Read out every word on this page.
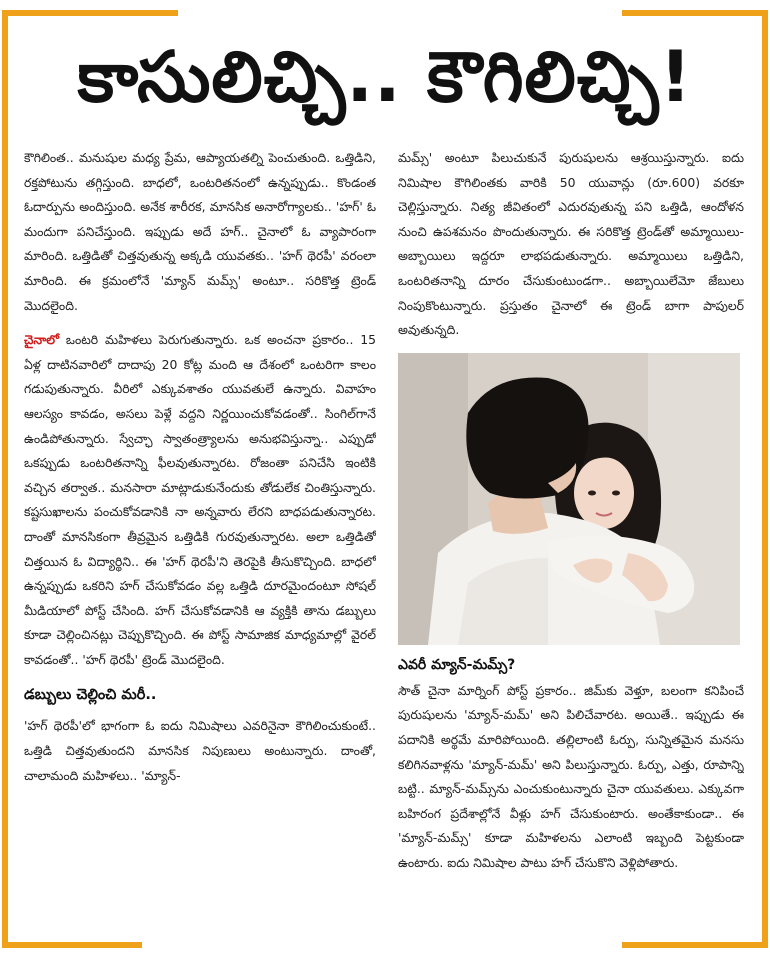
కాసులిచ్చి.. కౌగిలిచ్చి!

కౌగిలింత.. మనుషుల మధ్య ప్రేమ, ఆప్యాయతల్ని పెంచుతుంది. ఒత్తిడిని, రక్తపోటును తగ్గిస్తుంది. బాధలో, ఒంటరితనంలో ఉన్నప్పుడు.. కొండంత ఓదార్పును అందిస్తుంది. అనేక శారీరక, మానసిక అనారోగ్యాలకు.. 'హగ్' ఓ మందుగా పనిచేస్తుంది. ఇప్పుడు అదే హగ్.. చైనాలో ఓ వ్యాపారంగా మారింది. ఒత్తిడితో చిత్తవుతున్న అక్కడి యువతకు.. 'హగ్ థెరపీ' వరంలా మారింది. ఈ క్రమంలోనే 'మ్యాన్ మమ్స్' అంటూ.. సరికొత్త ట్రెండ్ మొదలైంది.

చైనాలో ఒంటరి మహిళలు పెరుగుతున్నారు. ఒక అంచనా ప్రకారం.. 15 ఏళ్ల దాటినవారిలో దాదాపు 20 కోట్ల మంది ఆ దేశంలో ఒంటరిగా కాలం గడుపుతున్నారు. వీరిలో ఎక్కువశాతం యువతులే ఉన్నారు. వివాహం ఆలస్యం కావడం, అసలు పెళ్లే వద్దని నిర్ణయించుకోవడంతో.. సింగిల్‌గానే ఉండిపోతున్నారు. స్వేచ్ఛా స్వాతంత్ర్యాలను అనుభవిస్తున్నా.. ఎప్పుడో ఒకప్పుడు ఒంటరితనాన్ని ఫీలవుతున్నారట. రోజంతా పనిచేసి ఇంటికి వచ్చిన తర్వాత.. మనసారా మాట్లాడుకునేందుకు తోడులేక చింతిస్తున్నారు. కష్టసుఖాలను పంచుకోవడానికి నా అన్నవారు లేరని బాధపడుతున్నారట. దాంతో మానసికంగా తీవ్రమైన ఒత్తిడికి గురవుతున్నారట. అలా ఒత్తిడితో చిత్తయిన ఓ విద్యార్థిని.. ఈ 'హగ్ థెరపీ'ని తెరపైకి తీసుకొచ్చింది. బాధలో ఉన్నప్పుడు ఒకరిని హగ్ చేసుకోవడం వల్ల ఒత్తిడి దూరమైందంటూ సోషల్ మీడియాలో పోస్ట్ చేసింది. హగ్ చేసుకోవడానికి ఆ వ్యక్తికి తాను డబ్బులు కూడా చెల్లించినట్లు చెప్పుకొచ్చింది. ఈ పోస్ట్ సామాజిక మాధ్యమాల్లో వైరల్ కావడంతో.. 'హగ్ థెరపీ' ట్రెండ్ మొదలైంది.

డబ్బులు చెల్లించి మరీ..

'హగ్ థెరపీ'లో భాగంగా ఓ ఐదు నిమిషాలు ఎవరినైనా కౌగిలించుకుంటే.. ఒత్తిడి చిత్తవుతుందని మానసిక నిపుణులు అంటున్నారు. దాంతో, చాలామంది మహిళలు.. 'మ్యాన్-

మమ్స్' అంటూ పిలుచుకునే పురుషులను ఆశ్రయిస్తున్నారు. ఐదు నిమిషాల కౌగిలింతకు వారికి 50 యువాన్లు (రూ.600) వరకూ చెల్లిస్తున్నారు. నిత్య జీవితంలో ఎదురవుతున్న పని ఒత్తిడి, ఆందోళన నుంచి ఉపశమనం పొందుతున్నారు. ఈ సరికొత్త ట్రెండ్‌తో అమ్మాయిలు-అబ్బాయిలు ఇద్దరూ లాభపడుతున్నారు. అమ్మాయిలు ఒత్తిడిని, ఒంటరితనాన్ని దూరం చేసుకుంటుండగా.. అబ్బాయిలేమో జేబులు నింపుకొంటున్నారు. ప్రస్తుతం చైనాలో ఈ ట్రెండ్ బాగా పాపులర్ అవుతున్నది.

ఎవరీ మ్యాన్-మమ్స్?

సౌత్ చైనా మార్నింగ్ పోస్ట్ ప్రకారం.. జిమ్‌కు వెళ్తూ, బలంగా కనిపించే పురుషులను 'మ్యాన్-మమ్' అని పిలిచేవారట. అయితే.. ఇప్పుడు ఈ పదానికి అర్థమే మారిపోయింది. తల్లిలాంటి ఓర్పు, సున్నితమైన మనసు కలిగినవాళ్లను 'మ్యాన్-మమ్' అని పిలుస్తున్నారు. ఓర్పు, ఎత్తు, రూపాన్ని బట్టి.. మ్యాన్-మమ్స్‌ను ఎంచుకుంటున్నారు చైనా యువతులు. ఎక్కువగా బహిరంగ ప్రదేశాల్లోనే వీళ్లు హగ్ చేసుకుంటారు. అంతేకాకుండా.. ఈ 'మ్యాన్-మమ్స్' కూడా మహిళలను ఎలాంటి ఇబ్బంది పెట్టకుండా ఉంటారు. ఐదు నిమిషాల పాటు హగ్ చేసుకొని వెళ్లిపోతారు.
